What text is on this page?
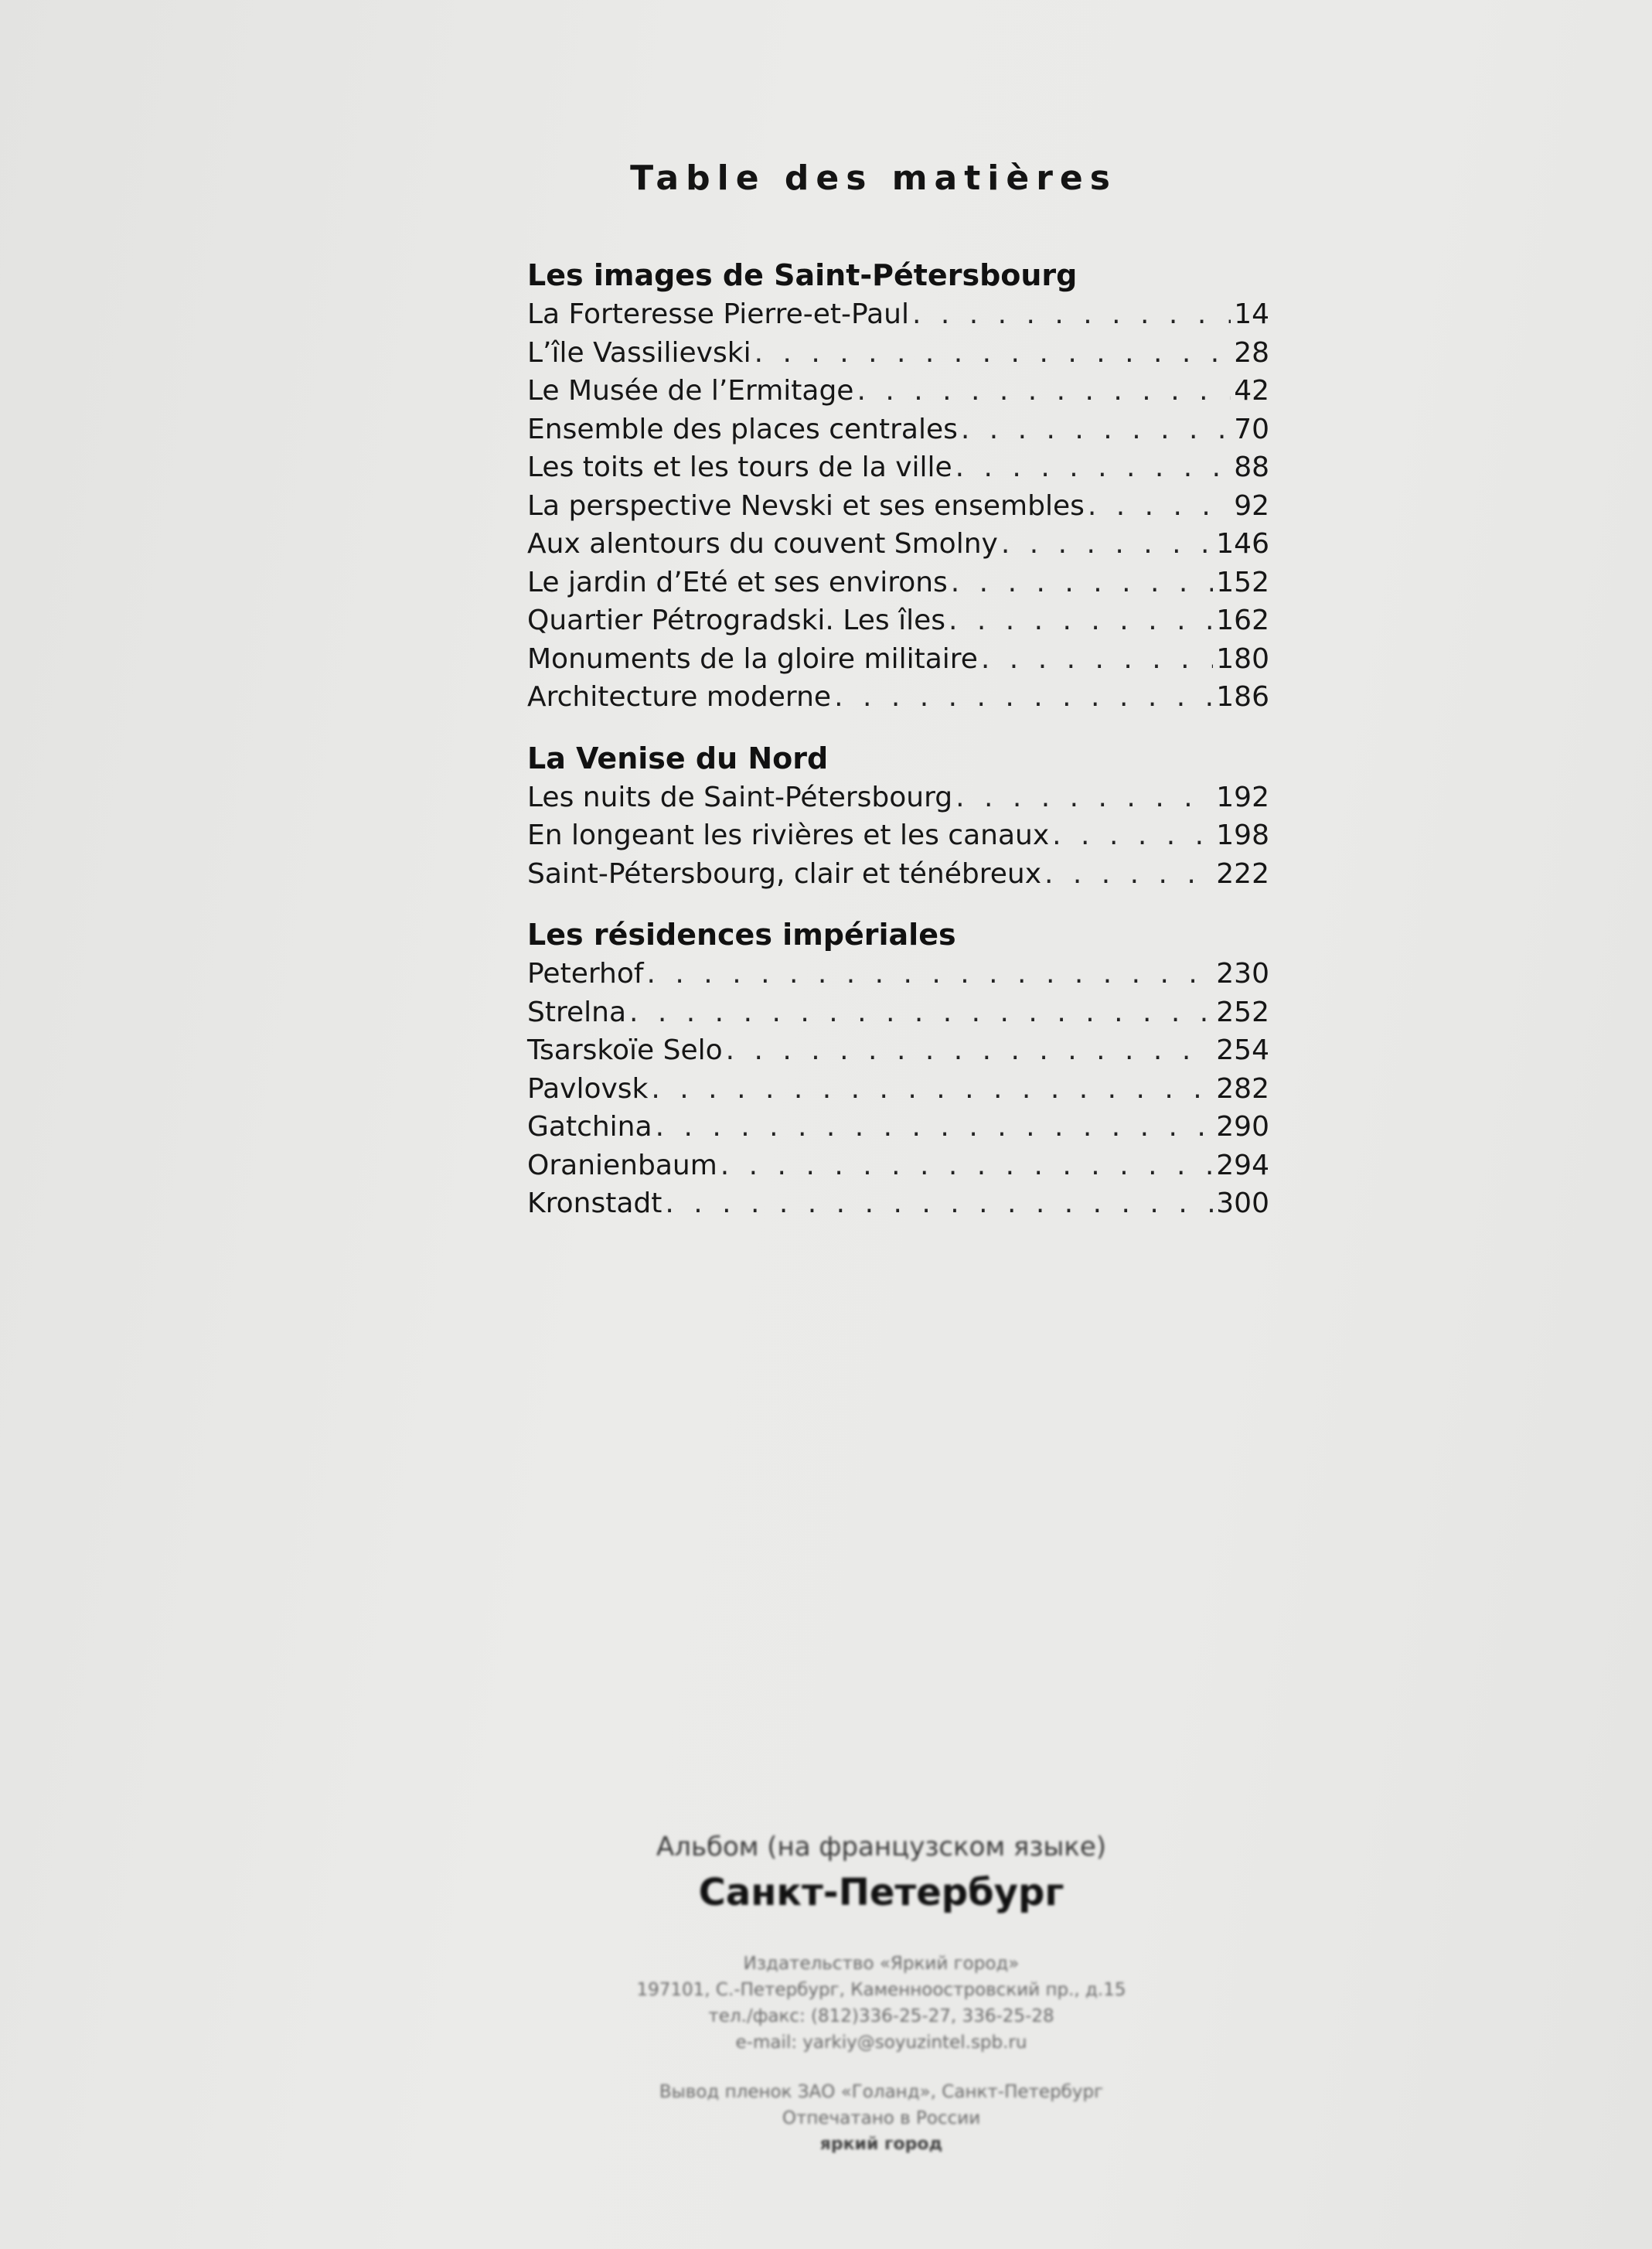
Table des matières
Les images de Saint-Pétersbourg
La Forteresse Pierre-et-Paul . . .	14
L’île Vassilievski . . .	28
Le Musée de l’Ermitage . . .	42
Ensemble des places centrales . . .	70
Les toits et les tours de la ville . . .	88
La perspective Nevski et ses ensembles . . .	92
Aux alentours du couvent Smolny . . .	146
Le jardin d’Eté et ses environs . . .	152
Quartier Pétrogradski. Les îles . . .	162
Monuments de la gloire militaire . . .	180
Architecture moderne . . .	186
La Venise du Nord
Les nuits de Saint-Pétersbourg . . .	192
En longeant les rivières et les canaux . . .	198
Saint-Pétersbourg, clair et ténébreux . . .	222
Les résidences impériales
Peterhof . . .	230
Strelna . . .	252
Tsarskoïe Selo . . .	254
Pavlovsk . . .	282
Gatchina . . .	290
Oranienbaum . . .	294
Kronstadt . . .	300
Альбом (на французском языке)
Санкт-Петербург
Издательство «Яркий город»
197101, С.-Петербург, Каменноостровский пр., д.15
тел./факс: (812)336-25-27, 336-25-28
e-mail: yarkiy@soyuzintel.spb.ru
Вывод пленок ЗАО «Голанд», Санкт-Петербург
Отпечатано в России
яркий город
